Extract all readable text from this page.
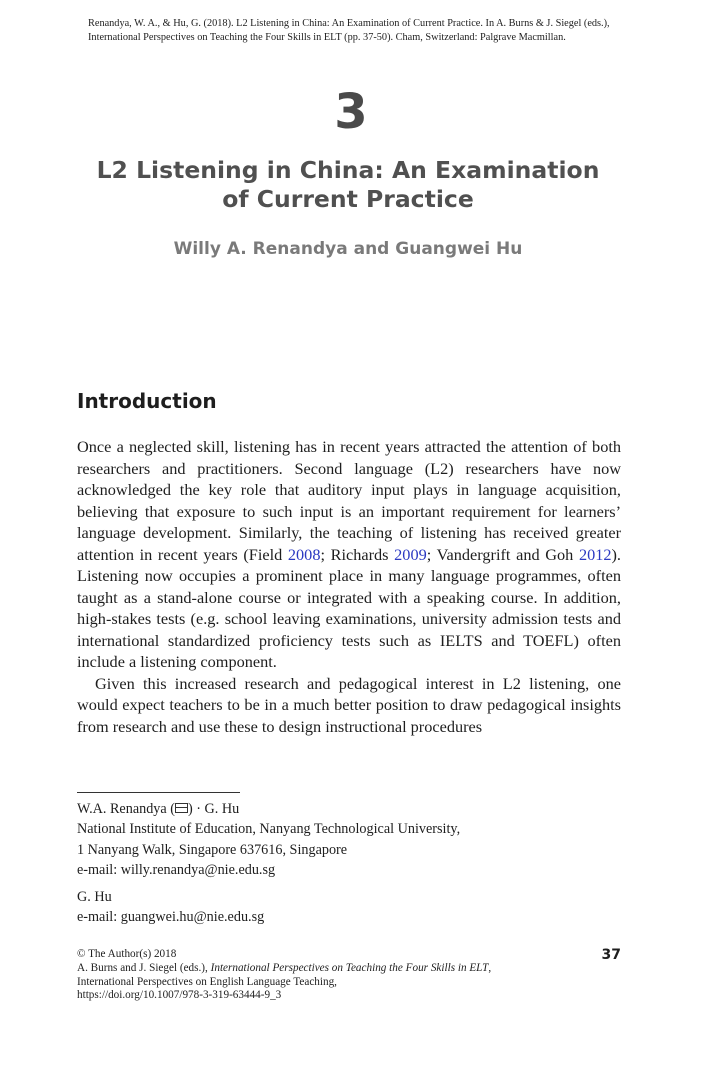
Renandya, W. A., & Hu, G. (2018). L2 Listening in China: An Examination of Current Practice. In A. Burns & J. Siegel (eds.), International Perspectives on Teaching the Four Skills in ELT (pp. 37-50). Cham, Switzerland: Palgrave Macmillan.
3
L2 Listening in China: An Examination
of Current Practice
Willy A. Renandya and Guangwei Hu
Introduction

Once a neglected skill, listening has in recent years attracted the attention of both researchers and practitioners. Second language (L2) researchers have now acknowledged the key role that auditory input plays in language acquisition, believing that exposure to such input is an important requirement for learners’ language development. Similarly, the teaching of listening has received greater attention in recent years (Field 2008; Richards 2009; Vandergrift and Goh 2012). Listening now occupies a prominent place in many language programmes, often taught as a stand-alone course or integrated with a speaking course. In addition, high-stakes tests (e.g. school leaving examinations, university admission tests and international standardized proficiency tests such as IELTS and TOEFL) often include a listening component.

Given this increased research and pedagogical interest in L2 listening, one would expect teachers to be in a much better position to draw pedagogical insights from research and use these to design instructional procedures

W.A. Renandya ( ) · G. Hu
National Institute of Education, Nanyang Technological University,
1 Nanyang Walk, Singapore 637616, Singapore
e-mail: willy.renandya@nie.edu.sg
G. Hu
e-mail: guangwei.hu@nie.edu.sg
© The Author(s) 2018
A. Burns and J. Siegel (eds.), International Perspectives on Teaching the Four Skills in ELT,
International Perspectives on English Language Teaching,
https://doi.org/10.1007/978-3-319-63444-9_3
37
